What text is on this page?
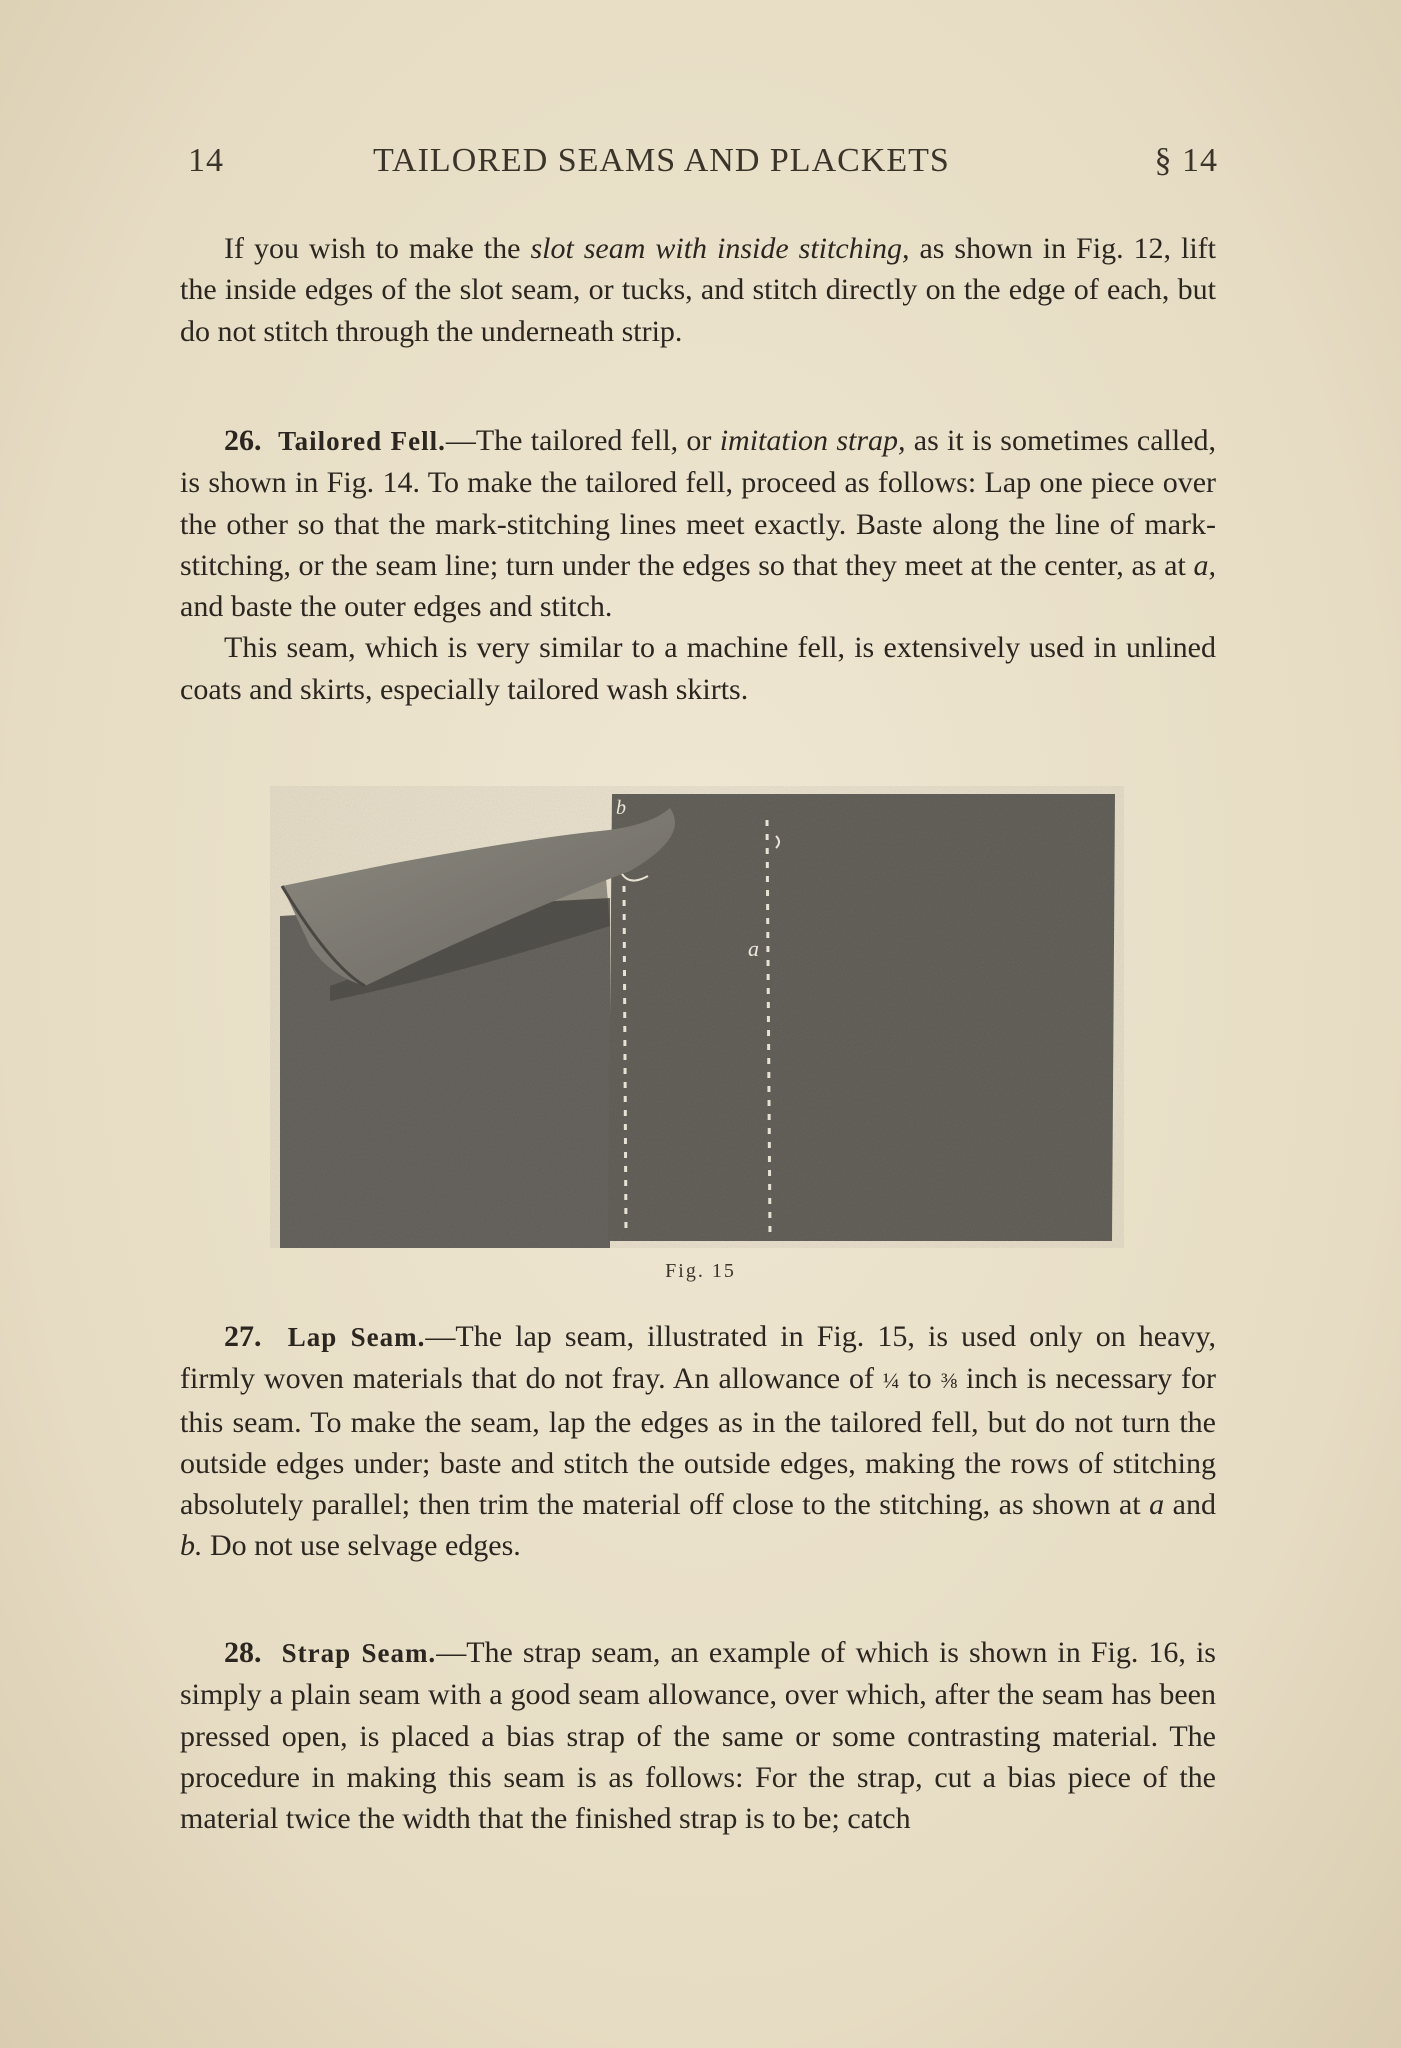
14	TAILORED SEAMS AND PLACKETS	§ 14

If you wish to make the slot seam with inside stitching, as shown in Fig. 12, lift the inside edges of the slot seam, or tucks, and stitch directly on the edge of each, but do not stitch through the underneath strip.

26. Tailored Fell.—The tailored fell, or imitation strap, as it is sometimes called, is shown in Fig. 14. To make the tailored fell, proceed as follows: Lap one piece over the other so that the mark-stitching lines meet exactly. Baste along the line of mark-stitching, or the seam line; turn under the edges so that they meet at the center, as at a, and baste the outer edges and stitch.

This seam, which is very similar to a machine fell, is extensively used in unlined coats and skirts, especially tailored wash skirts.

b
a
Fig. 15

27. Lap Seam.—The lap seam, illustrated in Fig. 15, is used only on heavy, firmly woven materials that do not fray. An allowance of ¼ to ⅜ inch is necessary for this seam. To make the seam, lap the edges as in the tailored fell, but do not turn the outside edges under; baste and stitch the outside edges, making the rows of stitching absolutely parallel; then trim the material off close to the stitching, as shown at a and b. Do not use selvage edges.

28. Strap Seam.—The strap seam, an example of which is shown in Fig. 16, is simply a plain seam with a good seam allowance, over which, after the seam has been pressed open, is placed a bias strap of the same or some contrasting material. The procedure in making this seam is as follows: For the strap, cut a bias piece of the material twice the width that the finished strap is to be; catch
